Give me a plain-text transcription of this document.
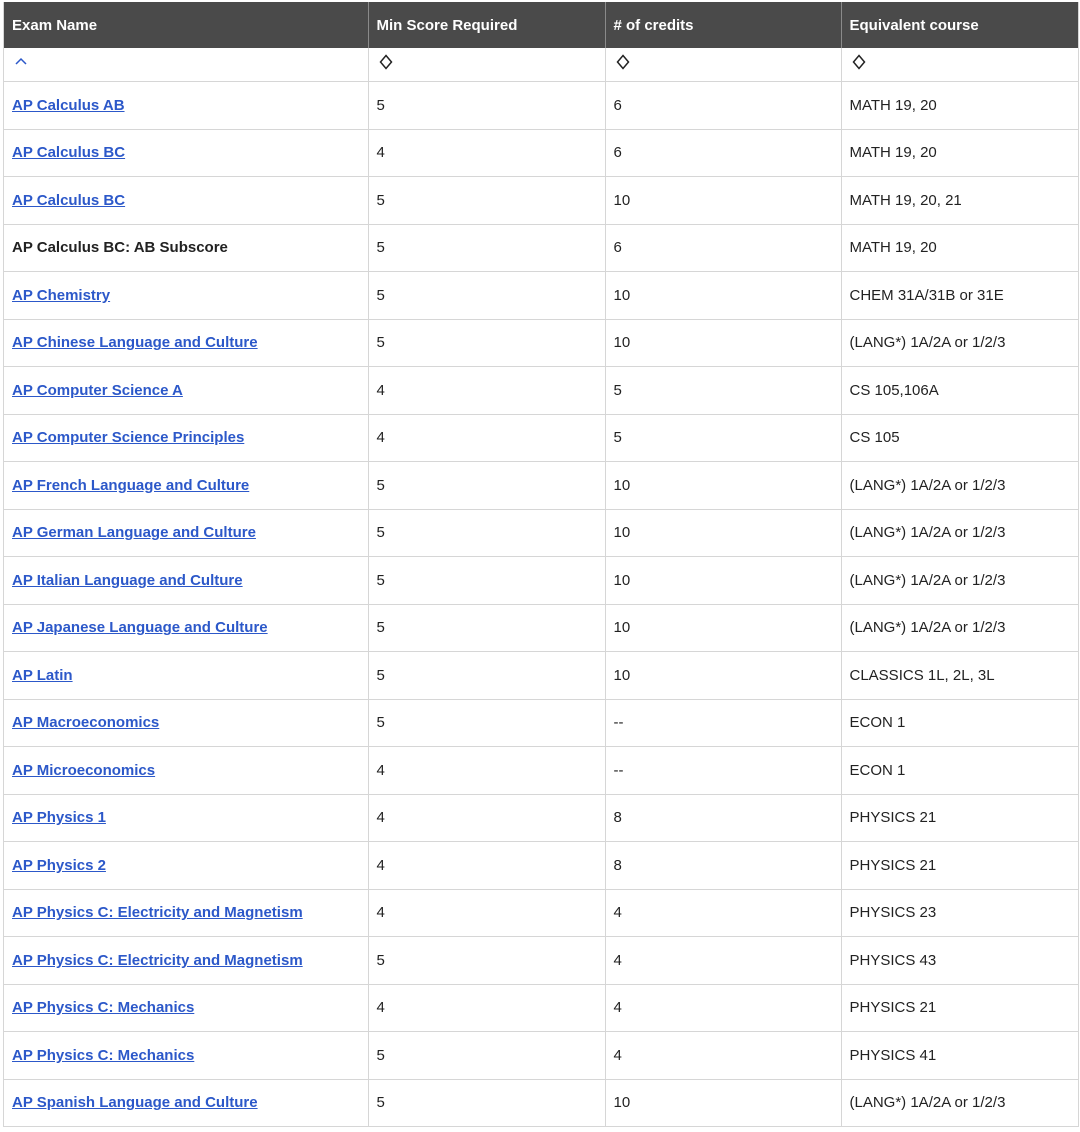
Exam Name	Min Score Required	# of credits	Equivalent course

AP Calculus AB	5	6	MATH 19, 20
AP Calculus BC	4	6	MATH 19, 20
AP Calculus BC	5	10	MATH 19, 20, 21
AP Calculus BC: AB Subscore	5	6	MATH 19, 20
AP Chemistry	5	10	CHEM 31A/31B or 31E
AP Chinese Language and Culture	5	10	(LANG*) 1A/2A or 1/2/3
AP Computer Science A	4	5	CS 105,106A
AP Computer Science Principles	4	5	CS 105
AP French Language and Culture	5	10	(LANG*) 1A/2A or 1/2/3
AP German Language and Culture	5	10	(LANG*) 1A/2A or 1/2/3
AP Italian Language and Culture	5	10	(LANG*) 1A/2A or 1/2/3
AP Japanese Language and Culture	5	10	(LANG*) 1A/2A or 1/2/3
AP Latin	5	10	CLASSICS 1L, 2L, 3L
AP Macroeconomics	5	--	ECON 1
AP Microeconomics	4	--	ECON 1
AP Physics 1	4	8	PHYSICS 21
AP Physics 2	4	8	PHYSICS 21
AP Physics C: Electricity and Magnetism	4	4	PHYSICS 23
AP Physics C: Electricity and Magnetism	5	4	PHYSICS 43
AP Physics C: Mechanics	4	4	PHYSICS 21
AP Physics C: Mechanics	5	4	PHYSICS 41
AP Spanish Language and Culture	5	10	(LANG*) 1A/2A or 1/2/3
